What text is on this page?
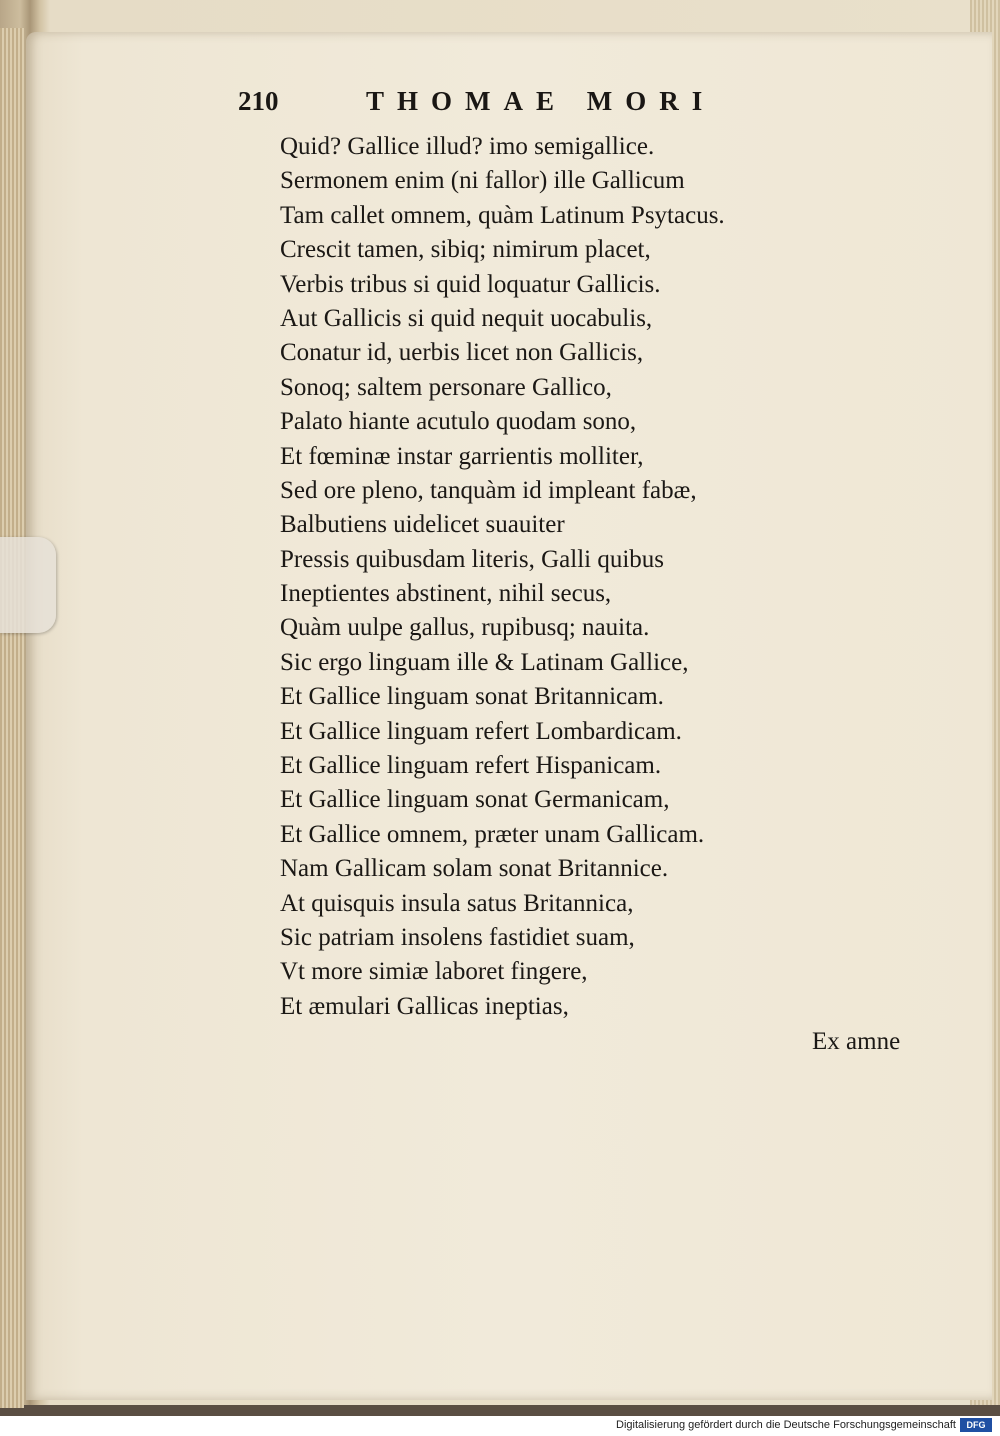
210	THOMAE MORI
Quid? Gallice illud? imo semigallice.
Sermonem enim (ni fallor) ille Gallicum
Tam callet omnem, quàm Latinum Psytacus.
Crescit tamen, sibiq; nimirum placet,
Verbis tribus si quid loquatur Gallicis.
Aut Gallicis si quid nequit uocabulis,
Conatur id, uerbis licet non Gallicis,
Sonoq; saltem personare Gallico,
Palato hiante acutulo quodam sono,
Et fœminæ instar garrientis molliter,
Sed ore pleno, tanquàm id impleant fabæ,
Balbutiens uidelicet suauiter
Pressis quibusdam literis, Galli quibus
Ineptientes abstinent, nihil secus,
Quàm uulpe gallus, rupibusq; nauita.
Sic ergo linguam ille & Latinam Gallice,
Et Gallice linguam sonat Britannicam.
Et Gallice linguam refert Lombardicam.
Et Gallice linguam refert Hispanicam.
Et Gallice linguam sonat Germanicam,
Et Gallice omnem, præter unam Gallicam.
Nam Gallicam solam sonat Britannice.
At quisquis insula satus Britannica,
Sic patriam insolens fastidiet suam,
Vt more simiæ laboret fingere,
Et æmulari Gallicas ineptias,
Ex amne
Digitalisierung gefördert durch die Deutsche Forschungsgemeinschaft	DFG
